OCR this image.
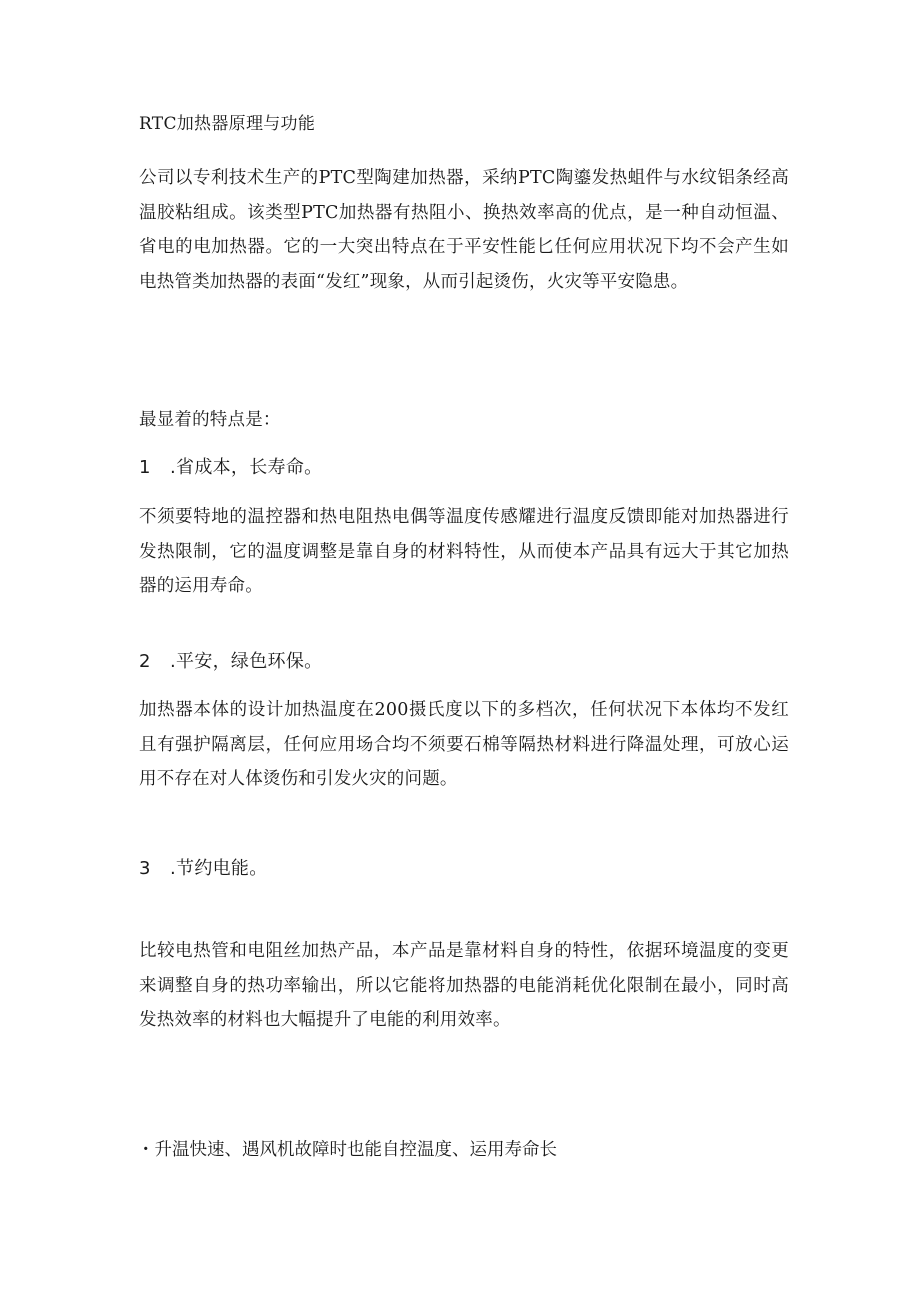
RTC加热器原理与功能

公司以专利技术生产的PTC型陶建加热器，采纳PTC陶鎏发热蛆件与水纹铝条经高温胶粘组成。该类型PTC加热器有热阻小、换热效率高的优点，是一种自动恒温、省电的电加热器。它的一大突出特点在于平安性能匕任何应用状况下均不会产生如电热管类加热器的表面“发红”现象，从而引起烫伤，火灾等平安隐患。

最显着的特点是：

1 .省成本，长寿命。

不须要特地的温控器和热电阻热电偶等温度传感耀进行温度反馈即能对加热器进行发热限制，它的温度调整是靠自身的材料特性，从而使本产品具有远大于其它加热器的运用寿命。

2 .平安，绿色环保。

加热器本体的设计加热温度在200摄氏度以下的多档次，任何状况下本体均不发红且有强护隔离层，任何应用场合均不须要石棉等隔热材料进行降温处理，可放心运用不存在对人体烫伤和引发火灾的问题。

3 .节约电能。

比较电热管和电阻丝加热产品，本产品是靠材料自身的特性，依据环境温度的变更来调整自身的热功率输出，所以它能将加热器的电能消耗优化限制在最小，同时高发热效率的材料也大幅提升了电能的利用效率。

・升温快速、遇风机故障时也能自控温度、运用寿命长
